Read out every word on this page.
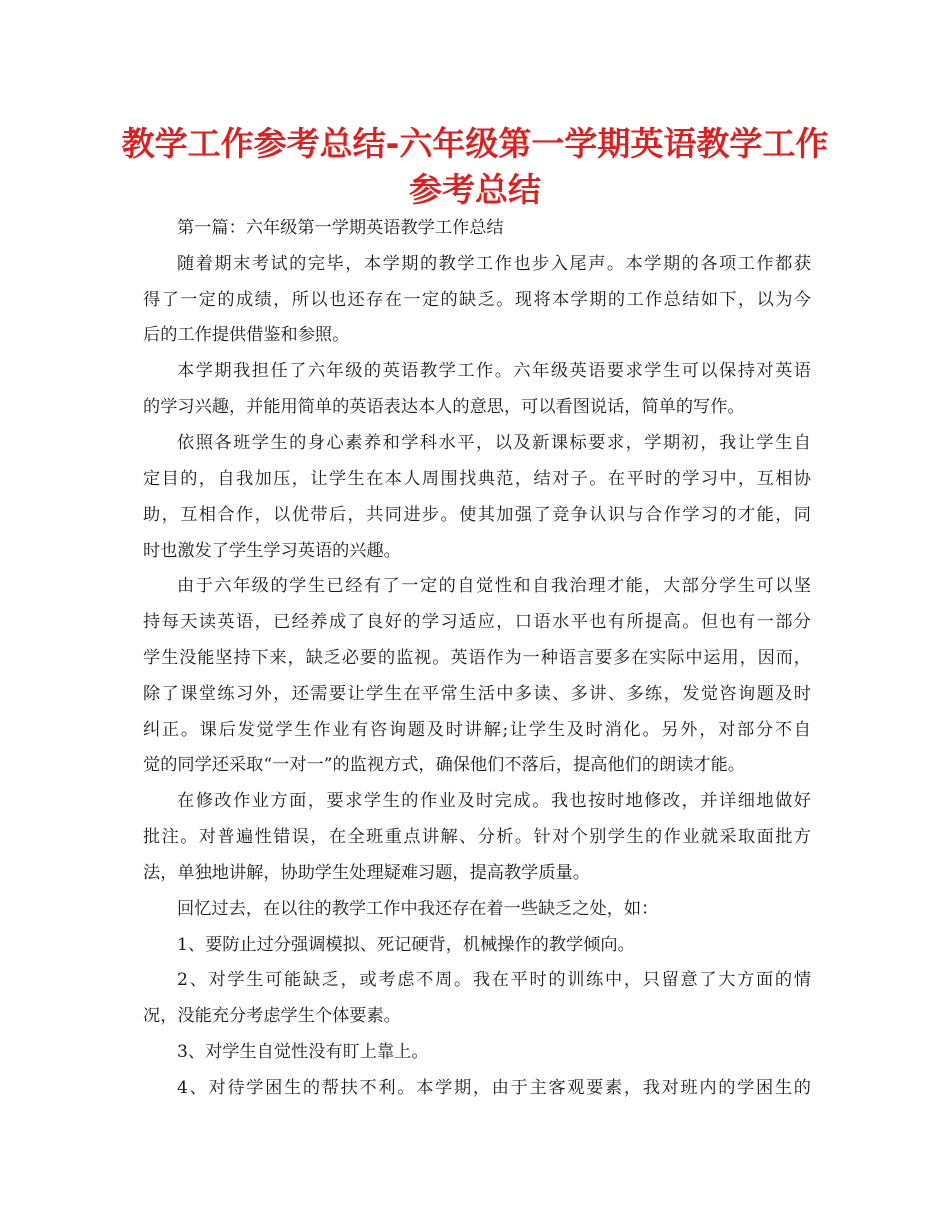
教学工作参考总结-六年级第一学期英语教学工作
参考总结
第一篇：六年级第一学期英语教学工作总结
随着期末考试的完毕，本学期的教学工作也步入尾声。本学期的各项工作都获
得了一定的成绩，所以也还存在一定的缺乏。现将本学期的工作总结如下，以为今
后的工作提供借鉴和参照。
本学期我担任了六年级的英语教学工作。六年级英语要求学生可以保持对英语
的学习兴趣，并能用简单的英语表达本人的意思，可以看图说话，简单的写作。
依照各班学生的身心素养和学科水平，以及新课标要求，学期初，我让学生自
定目的，自我加压，让学生在本人周围找典范，结对子。在平时的学习中，互相协
助，互相合作，以优带后，共同进步。使其加强了竞争认识与合作学习的才能，同
时也激发了学生学习英语的兴趣。
由于六年级的学生已经有了一定的自觉性和自我治理才能，大部分学生可以坚
持每天读英语，已经养成了良好的学习适应，口语水平也有所提高。但也有一部分
学生没能坚持下来，缺乏必要的监视。英语作为一种语言要多在实际中运用，因而，
除了课堂练习外，还需要让学生在平常生活中多读、多讲、多练，发觉咨询题及时
纠正。课后发觉学生作业有咨询题及时讲解;让学生及时消化。另外，对部分不自
觉的同学还采取“一对一”的监视方式，确保他们不落后，提高他们的朗读才能。
在修改作业方面，要求学生的作业及时完成。我也按时地修改，并详细地做好
批注。对普遍性错误，在全班重点讲解、分析。针对个别学生的作业就采取面批方
法，单独地讲解，协助学生处理疑难习题，提高教学质量。
回忆过去，在以往的教学工作中我还存在着一些缺乏之处，如：
1、要防止过分强调模拟、死记硬背，机械操作的教学倾向。
2、对学生可能缺乏，或考虑不周。我在平时的训练中，只留意了大方面的情
况，没能充分考虑学生个体要素。
3、对学生自觉性没有盯上靠上。
4、对待学困生的帮扶不利。本学期，由于主客观要素，我对班内的学困生的
